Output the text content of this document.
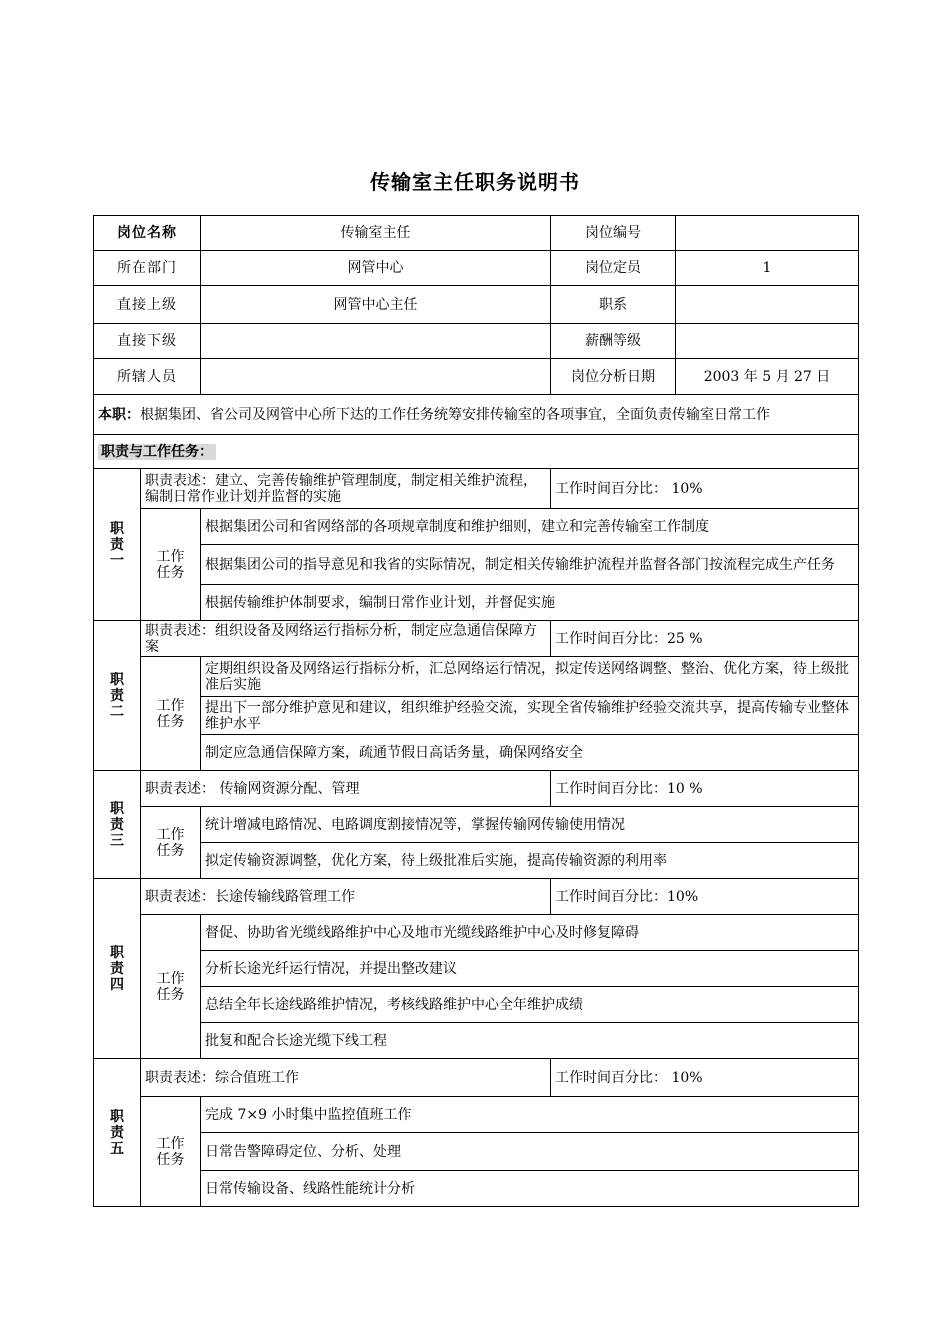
传输室主任职务说明书
岗位名称		传输室主任	岗位编号	
所在部门		网管中心	岗位定员	1
直接上级		网管中心主任	职系	
直接下级			薪酬等级	
所辖人员			岗位分析日期	2003 年 5 月 27 日
本职：根据集团、省公司及网管中心所下达的工作任务统筹安排传输室的各项事宜，全面负责传输室日常工作				
职责与工作任务：				
职责一	职责表述：建立、完善传输维护管理制度，制定相关维护流程，编制日常作业计划并监督的实施		工作时间百分比： 10%	
	工作任务	根据集团公司和省网络部的各项规章制度和维护细则，建立和完善传输室工作制度		
		根据集团公司的指导意见和我省的实际情况，制定相关传输维护流程并监督各部门按流程完成生产任务		
		根据传输维护体制要求，编制日常作业计划，并督促实施		
职责二	职责表述：组织设备及网络运行指标分析，制定应急通信保障方案		工作时间百分比：25 %	
	工作任务	定期组织设备及网络运行指标分析，汇总网络运行情况，拟定传送网络调整、整治、优化方案，待上级批准后实施		
		提出下一部分维护意见和建议，组织维护经验交流，实现全省传输维护经验交流共享，提高传输专业整体维护水平		
		制定应急通信保障方案，疏通节假日高话务量，确保网络安全		
职责三	职责表述： 传输网资源分配、管理		工作时间百分比：10 %	
	工作任务	统计增减电路情况、电路调度割接情况等，掌握传输网传输使用情况		
		拟定传输资源调整，优化方案，待上级批准后实施，提高传输资源的利用率		
职责四	职责表述：长途传输线路管理工作		工作时间百分比：10%	
	工作任务	督促、协助省光缆线路维护中心及地市光缆线路维护中心及时修复障碍		
		分析长途光纤运行情况，并提出整改建议		
		总结全年长途线路维护情况，考核线路维护中心全年维护成绩		
		批复和配合长途光缆下线工程		
职责五	职责表述：综合值班工作		工作时间百分比： 10%	
	工作任务	完成 7×9 小时集中监控值班工作		
		日常告警障碍定位、分析、处理		
		日常传输设备、线路性能统计分析		
